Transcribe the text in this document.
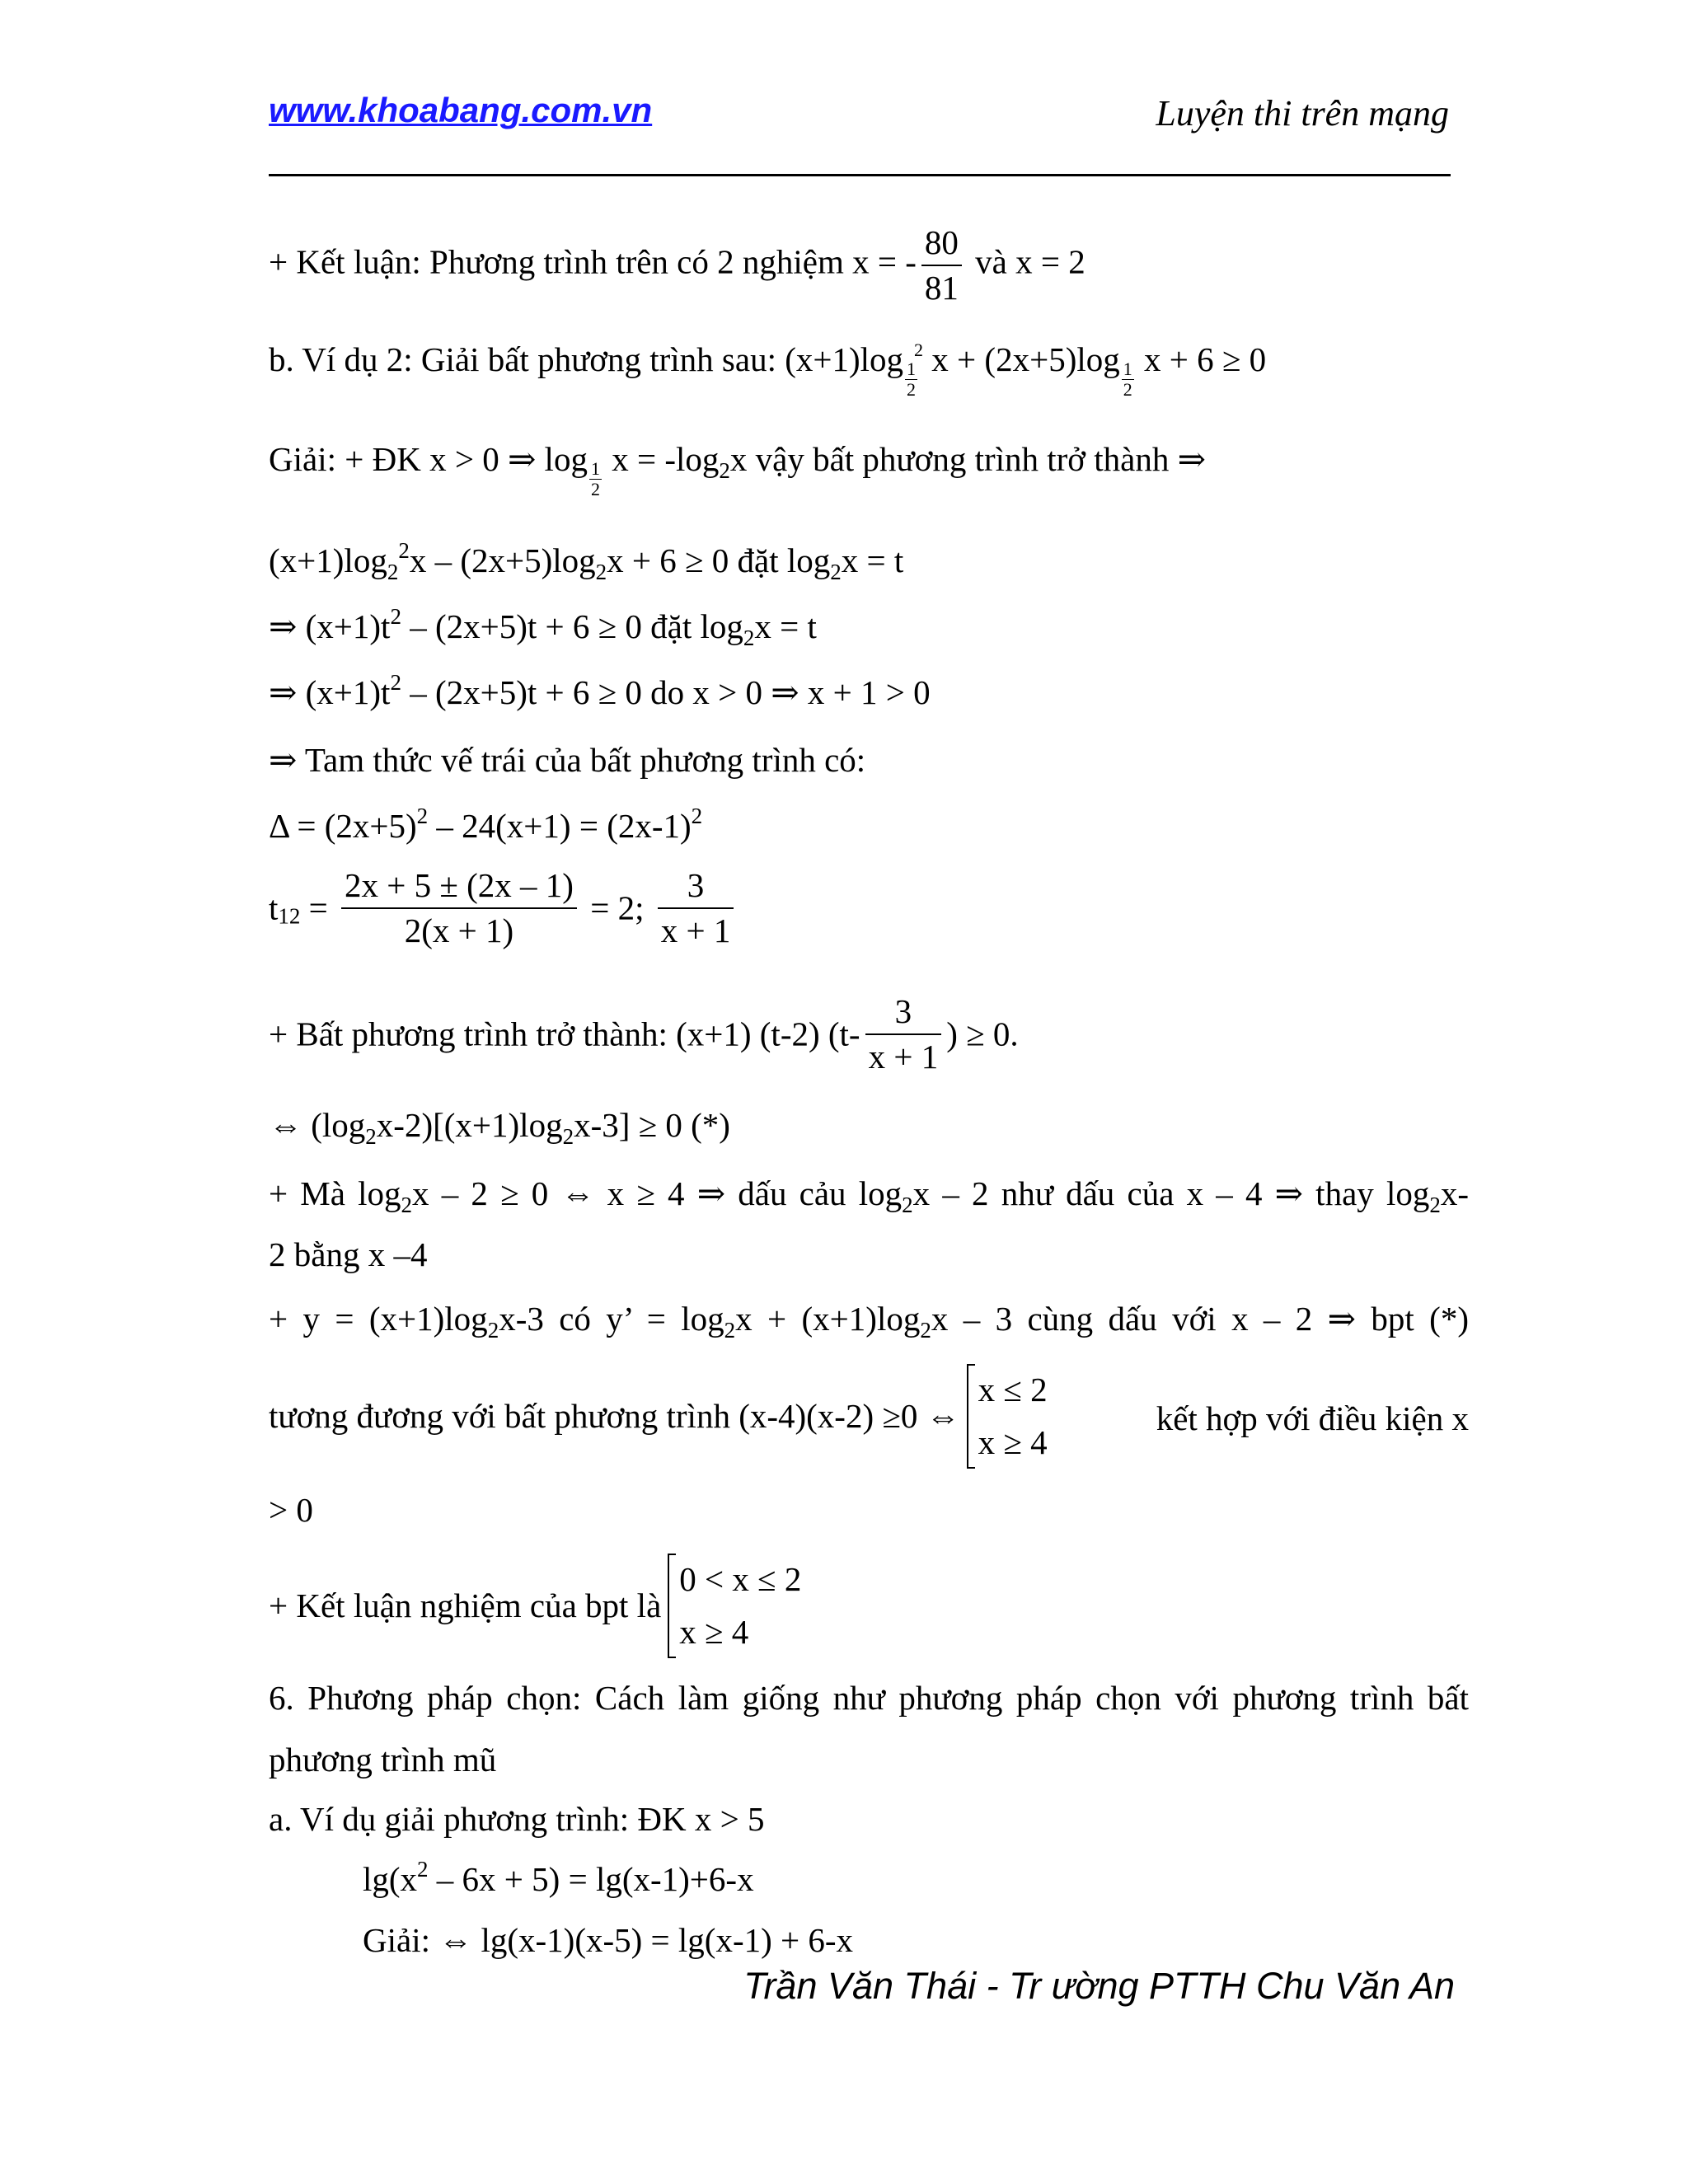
www.khoabang.com.vn	Luyện thi trên mạng
+ Kết luận: Phương trình trên có 2 nghiệm x = - $\frac{80}{81}$ và x = 2
b. Ví dụ 2: Giải bất phương trình sau: (x+1)log
$\frac{1}{2}$
2 x + (2x+5)log
$\frac{1}{2}$
x + 6 ≥ 0
Giải: + ĐK x > 0 ⇒ log
$\frac{1}{2}$
$x = -\log_2x$ vậy bất phương trình trở thành ⇒
$(x+1)\log_2^2x - (2x+5)\log_2x + 6 \ge 0$ đặt $\log_2x = t$
⇒ $(x+1)t^2 - (2x+5)t + 6 \ge 0$ đặt $\log_2x = t$
⇒ $(x+1)t^2 - (2x+5)t + 6 \ge 0$ do x > 0 ⇒ x + 1 > 0
⇒ Tam thức vế trái của bất phương trình có:
$\Delta = (2x+5)^2 - 24(x+1) = (2x-1)^2$
$t_{12} = \frac{2x + 5 \pm (2x - 1)}{2(x + 1)} = 2$; $\frac{3}{x + 1}$
+ Bất phương trình trở thành: (x+1) (t-2) ($t- \frac{3}{x + 1}$ ) ≥ 0.
⇔ $(\log_2x-2)[(x+1)\log_2x-3] \ge 0$ (*)
+ Mà $\log_2x - 2 \ge 0$ ⇔ x ≥ 4 ⇒ dấu cảu $\log_2x - 2$ như dấu của x – 4 ⇒ thay $\log_2x-$
2 bằng x –4
+ $y = (x+1)\log_2x-3$ có y’ = $\log_2x + (x+1)\log_2x - 3$ cùng dấu với x – 2 ⇒ bpt (*)
tương đương với bất phương trình (x-4)(x-2) ≥0 ⇔
x ≤ 2
x ≥ 4
kết hợp với điều kiện x
> 0
+ Kết luận nghiệm của bpt là
0 < x ≤ 2
x ≥ 4
6. Phương pháp chọn: Cách làm giống như phương pháp chọn với phương trình bất
phương trình mũ
a. Ví dụ giải phương trình: ĐK x > 5
$\lg(x^2 - 6x + 5) = \lg(x-1)+6-x$
Giải: ⇔ lg(x-1)(x-5) = lg(x-1) + 6-x
Trần Văn Thái - Tr ường PTTH Chu Văn An
